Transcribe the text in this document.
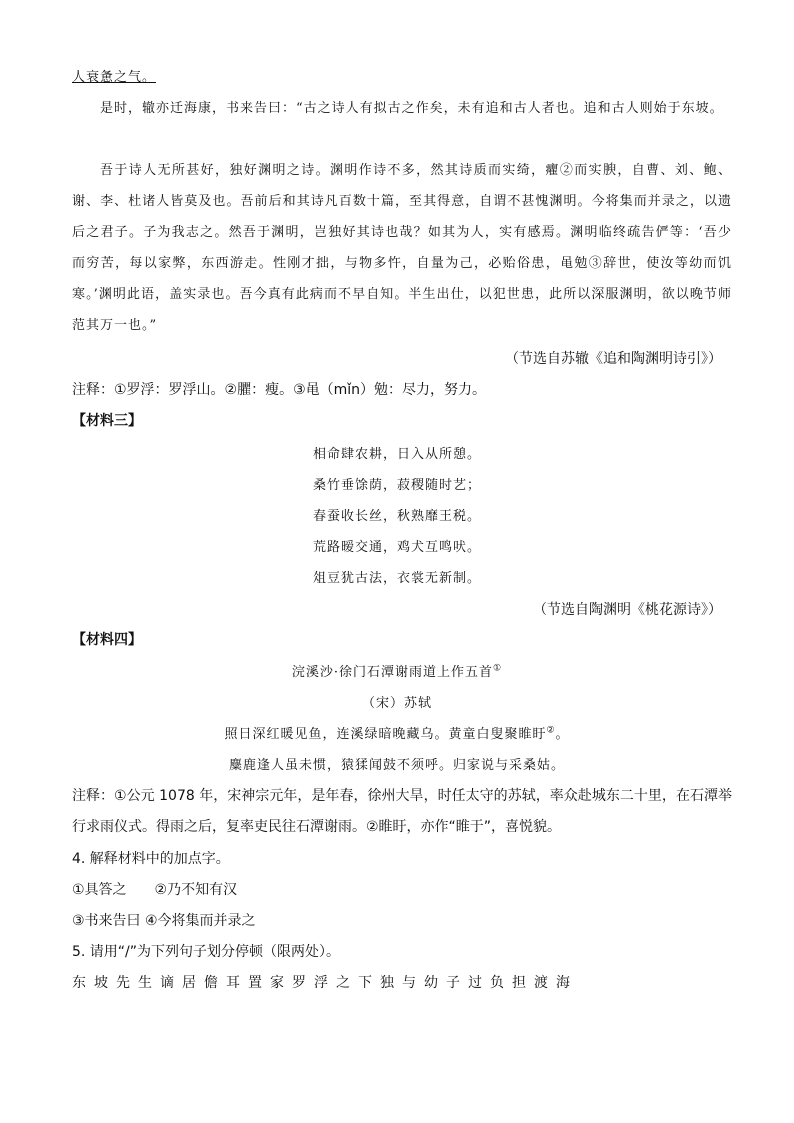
人衰惫之气。
是时，辙亦迁海康，书来告曰：“古之诗人有拟古之作矣，未有追和古人者也。追和古人则始于东坡。
吾于诗人无所甚好，独好渊明之诗。渊明作诗不多，然其诗质而实绮，癯②而实腴，自曹、刘、鲍、谢、李、杜诸人皆莫及也。吾前后和其诗凡百数十篇，至其得意，自谓不甚愧渊明。今将集而并录之，以遗后之君子。子为我志之。然吾于渊明，岂独好其诗也哉？如其为人，实有感焉。渊明临终疏告俨等：‘吾少而穷苦，每以家弊，东西游走。性刚才拙，与物多忤，自量为己，必贻俗患，黾勉③辞世，使汝等幼而饥寒。’渊明此语，盖实录也。吾今真有此病而不早自知。半生出仕，以犯世患，此所以深服渊明，欲以晚节师范其万一也。”
（节选自苏辙《追和陶渊明诗引》）
注释：①罗浮：罗浮山。②臞：瘦。③黾（mǐn）勉：尽力，努力。
【材料三】
相命肆农耕，日入从所憩。
桑竹垂馀荫，菽稷随时艺；
春蚕收长丝，秋熟靡王税。
荒路暧交通，鸡犬互鸣吠。
俎豆犹古法，衣裳无新制。
（节选自陶渊明《桃花源诗》）
【材料四】
浣溪沙·徐门石潭谢雨道上作五首①
（宋）苏轼
照日深红暖见鱼，连溪绿暗晚藏乌。黄童白叟聚睢盱②。
麋鹿逢人虽未惯，猿猱闻鼓不须呼。归家说与采桑姑。
注释：①公元 1078 年，宋神宗元年，是年春，徐州大旱，时任太守的苏轼，率众赴城东二十里，在石潭举行求雨仪式。得雨之后，复率吏民往石潭谢雨。②睢盱，亦作“睢于”，喜悦貌。
4. 解释材料中的加点字。
①具答之　　②乃不知有汉
③书来告曰 ④今将集而并录之
5. 请用“/”为下列句子划分停顿（限两处）。
东坡先生谪居儋耳置家罗浮之下独与幼子过负担渡海
